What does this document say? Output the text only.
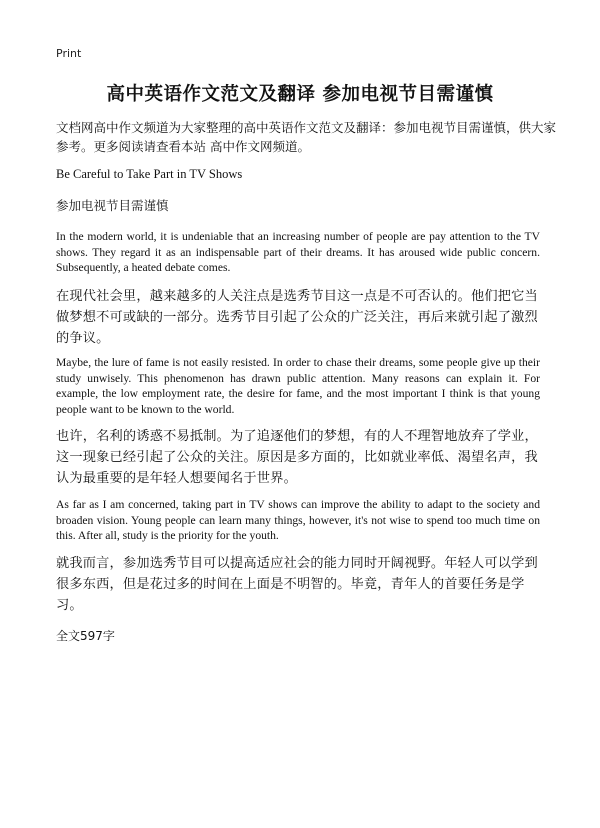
Print
高中英语作文范文及翻译 参加电视节目需谨慎
文档网高中作文频道为大家整理的高中英语作文范文及翻译：参加电视节目需谨慎，供大家参考。更多阅读请查看本站 高中作文网频道。
Be Careful to Take Part in TV Shows
参加电视节目需谨慎
In the modern world, it is undeniable that an increasing number of people are pay attention to the TV shows. They regard it as an indispensable part of their dreams. It has aroused wide public concern. Subsequently, a heated debate comes.
在现代社会里，越来越多的人关注点是选秀节目这一点是不可否认的。他们把它当做梦想不可或缺的一部分。选秀节目引起了公众的广泛关注，再后来就引起了激烈的争议。
Maybe, the lure of fame is not easily resisted. In order to chase their dreams, some people give up their study unwisely. This phenomenon has drawn public attention. Many reasons can explain it. For example, the low employment rate, the desire for fame, and the most important I think is that young people want to be known to the world.
也许，名利的诱惑不易抵制。为了追逐他们的梦想，有的人不理智地放弃了学业，这一现象已经引起了公众的关注。原因是多方面的，比如就业率低、渴望名声，我认为最重要的是年轻人想要闻名于世界。
As far as I am concerned, taking part in TV shows can improve the ability to adapt to the society and broaden vision. Young people can learn many things, however, it's not wise to spend too much time on this. After all, study is the priority for the youth.
就我而言，参加选秀节目可以提高适应社会的能力同时开阔视野。年轻人可以学到很多东西，但是花过多的时间在上面是不明智的。毕竟，青年人的首要任务是学习。
全文597字
